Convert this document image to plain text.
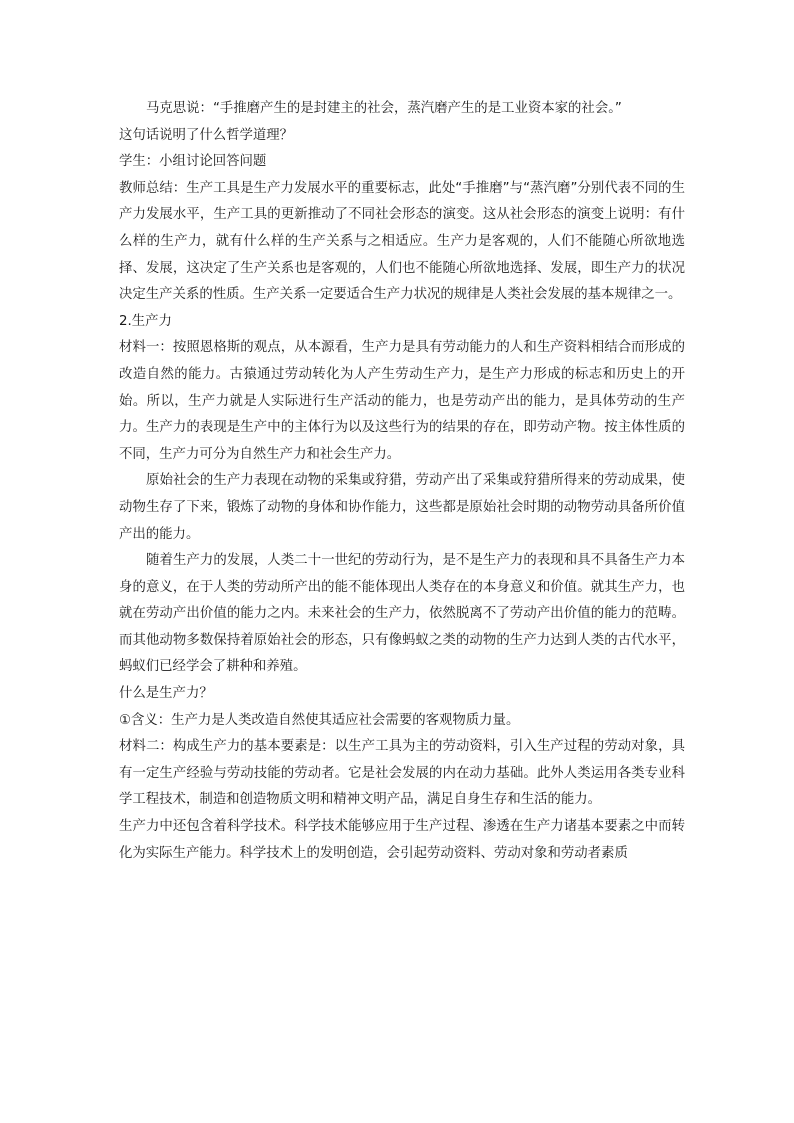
马克思说：“手推磨产生的是封建主的社会，蒸汽磨产生的是工业资本家的社会。”

这句话说明了什么哲学道理？

学生：小组讨论回答问题

教师总结：生产工具是生产力发展水平的重要标志，此处“手推磨”与“蒸汽磨”分别代表不同的生产力发展水平，生产工具的更新推动了不同社会形态的演变。这从社会形态的演变上说明：有什么样的生产力，就有什么样的生产关系与之相适应。生产力是客观的，人们不能随心所欲地选择、发展，这决定了生产关系也是客观的，人们也不能随心所欲地选择、发展，即生产力的状况决定生产关系的性质。生产关系一定要适合生产力状况的规律是人类社会发展的基本规律之一。

2.生产力

材料一：按照恩格斯的观点，从本源看，生产力是具有劳动能力的人和生产资料相结合而形成的改造自然的能力。古猿通过劳动转化为人产生劳动生产力，是生产力形成的标志和历史上的开始。所以，生产力就是人实际进行生产活动的能力，也是劳动产出的能力，是具体劳动的生产力。生产力的表现是生产中的主体行为以及这些行为的结果的存在，即劳动产物。按主体性质的不同，生产力可分为自然生产力和社会生产力。

原始社会的生产力表现在动物的采集或狩猎，劳动产出了采集或狩猎所得来的劳动成果，使动物生存了下来，锻炼了动物的身体和协作能力，这些都是原始社会时期的动物劳动具备所价值产出的能力。

随着生产力的发展，人类二十一世纪的劳动行为，是不是生产力的表现和具不具备生产力本身的意义，在于人类的劳动所产出的能不能体现出人类存在的本身意义和价值。就其生产力，也就在劳动产出价值的能力之内。未来社会的生产力，依然脱离不了劳动产出价值的能力的范畴。而其他动物多数保持着原始社会的形态，只有像蚂蚁之类的动物的生产力达到人类的古代水平，蚂蚁们已经学会了耕种和养殖。

什么是生产力？

①含义：生产力是人类改造自然使其适应社会需要的客观物质力量。

材料二：构成生产力的基本要素是：以生产工具为主的劳动资料，引入生产过程的劳动对象，具有一定生产经验与劳动技能的劳动者。它是社会发展的内在动力基础。此外人类运用各类专业科学工程技术，制造和创造物质文明和精神文明产品，满足自身生存和生活的能力。

生产力中还包含着科学技术。科学技术能够应用于生产过程、渗透在生产力诸基本要素之中而转化为实际生产能力。科学技术上的发明创造，会引起劳动资料、劳动对象和劳动者素质
